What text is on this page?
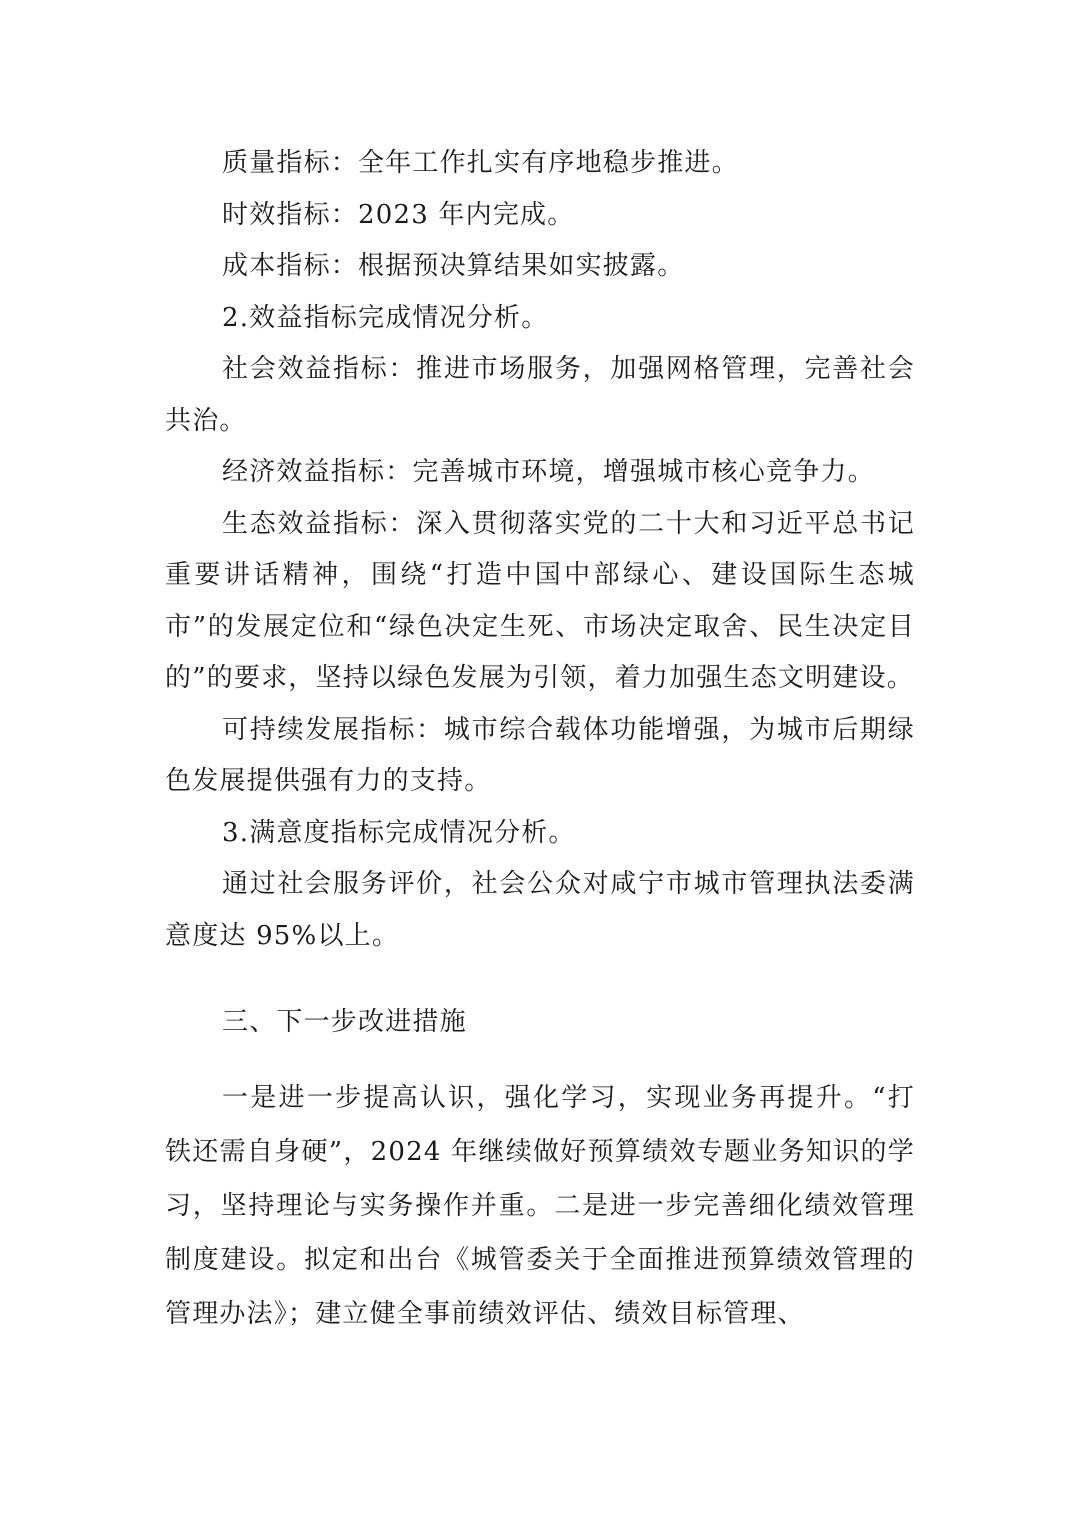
质量指标：全年工作扎实有序地稳步推进。

时效指标：2023 年内完成。

成本指标：根据预决算结果如实披露。

2.效益指标完成情况分析。

社会效益指标：推进市场服务，加强网格管理，完善社会共治。

经济效益指标：完善城市环境，增强城市核心竞争力。

生态效益指标：深入贯彻落实党的二十大和习近平总书记重要讲话精神，围绕“打造中国中部绿心、建设国际生态城市”的发展定位和“绿色决定生死、市场决定取舍、民生决定目的”的要求，坚持以绿色发展为引领，着力加强生态文明建设。

可持续发展指标：城市综合载体功能增强，为城市后期绿色发展提供强有力的支持。

3.满意度指标完成情况分析。

通过社会服务评价，社会公众对咸宁市城市管理执法委满意度达 95%以上。

三、下一步改进措施

一是进一步提高认识，强化学习，实现业务再提升。“打铁还需自身硬”，2024 年继续做好预算绩效专题业务知识的学习，坚持理论与实务操作并重。二是进一步完善细化绩效管理制度建设。拟定和出台《城管委关于全面推进预算绩效管理的管理办法》；建立健全事前绩效评估、绩效目标管理、
